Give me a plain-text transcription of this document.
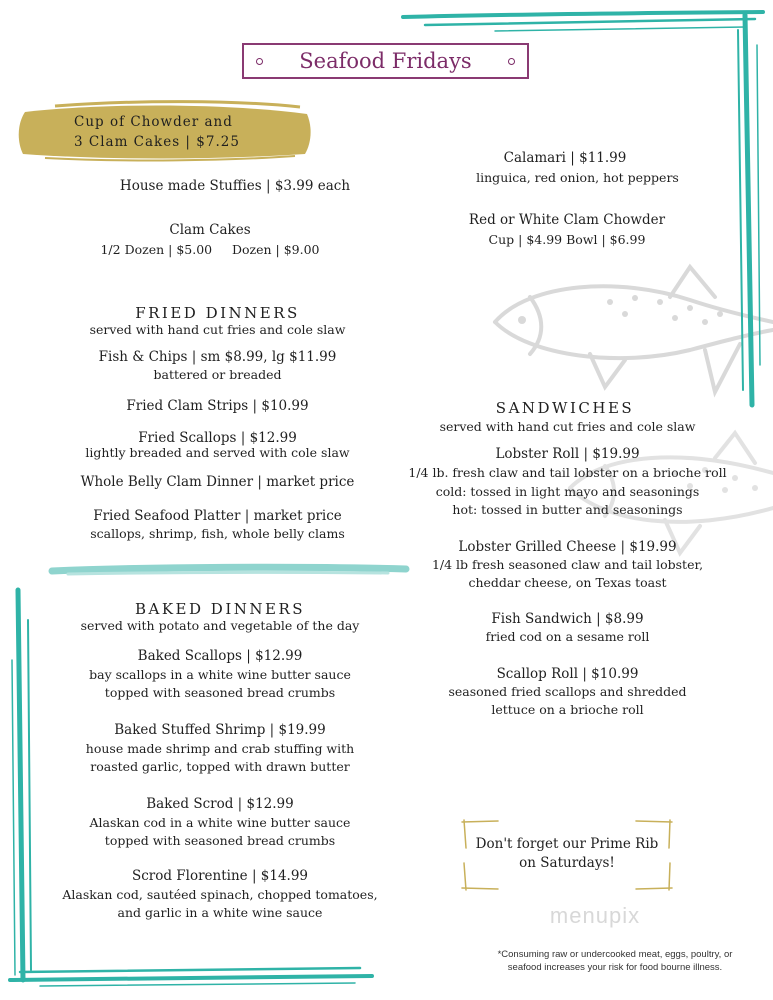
Seafood Fridays
Cup of Chowder and
3 Clam Cakes | $7.25
House made Stuffies | $3.99 each
Clam Cakes
1/2 Dozen | $5.00     Dozen | $9.00
Calamari | $11.99
linguica, red onion, hot peppers
Red or White Clam Chowder
Cup | $4.99 Bowl | $6.99
FRIED DINNERS
served with hand cut fries and cole slaw
Fish & Chips | sm $8.99, lg $11.99
battered or breaded
Fried Clam Strips | $10.99
Fried Scallops | $12.99
lightly breaded and served with cole slaw
Whole Belly Clam Dinner | market price
Fried Seafood Platter | market price
scallops, shrimp, fish, whole belly clams
BAKED DINNERS
served with potato and vegetable of the day
Baked Scallops | $12.99
bay scallops in a white wine butter sauce
topped with seasoned bread crumbs
Baked Stuffed Shrimp | $19.99
house made shrimp and crab stuffing with
roasted garlic, topped with drawn butter
Baked Scrod | $12.99
Alaskan cod in a white wine butter sauce
topped with seasoned bread crumbs
Scrod Florentine | $14.99
Alaskan cod, sautéed spinach, chopped tomatoes,
and garlic in a white wine sauce
SANDWICHES
served with hand cut fries and cole slaw
Lobster Roll | $19.99
1/4 lb. fresh claw and tail lobster on a brioche roll
cold: tossed in light mayo and seasonings
hot: tossed in butter and seasonings
Lobster Grilled Cheese | $19.99
1/4 lb fresh seasoned claw and tail lobster,
cheddar cheese, on Texas toast
Fish Sandwich | $8.99
fried cod on a sesame roll
Scallop Roll | $10.99
seasoned fried scallops and shredded
lettuce on a brioche roll
Don't forget our Prime Rib
on Saturdays!
menupix
*Consuming raw or undercooked meat, eggs, poultry, or
seafood increases your risk for food bourne illness.
